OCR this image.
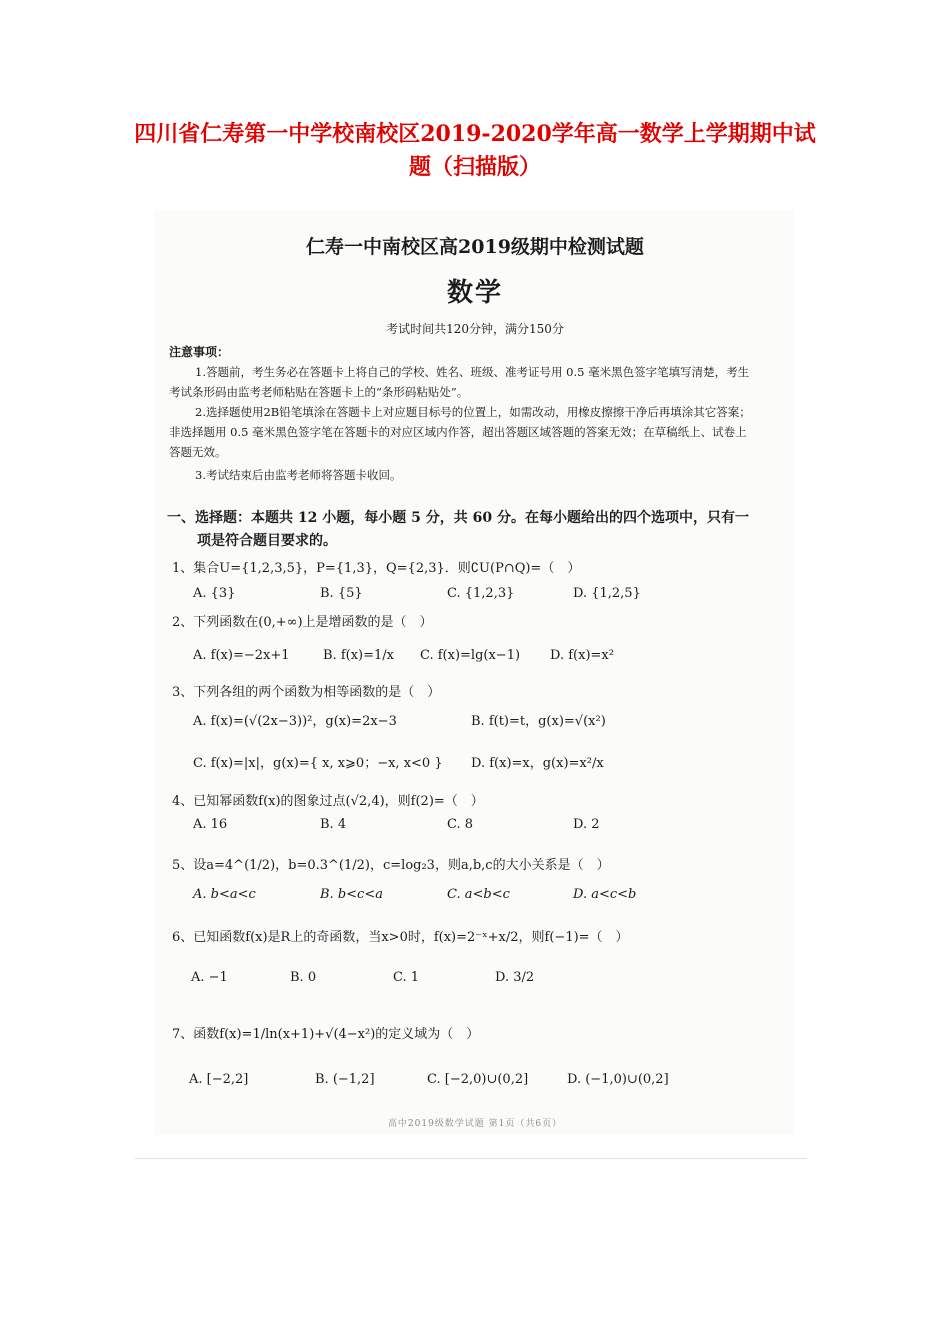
四川省仁寿第一中学校南校区2019-2020学年高一数学上学期期中试题（扫描版）
仁寿一中南校区高2019级期中检测试题
数学
考试时间共120分钟，满分150分
注意事项：
1.答题前，考生务必在答题卡上将自己的学校、姓名、班级、准考证号用 0.5 毫米黑色签字笔填写清楚，考生考试条形码由监考老师粘贴在答题卡上的“条形码粘贴处”。
2.选择题使用2B铅笔填涂在答题卡上对应题目标号的位置上，如需改动，用橡皮擦擦干净后再填涂其它答案；非选择题用 0.5 毫米黑色签字笔在答题卡的对应区域内作答，超出答题区域答题的答案无效；在草稿纸上、试卷上答题无效。
3.考试结束后由监考老师将答题卡收回。
一、选择题：本题共 12 小题，每小题 5 分，共 60 分。在每小题给出的四个选项中，只有一
项是符合题目要求的。
1、集合U={1,2,3,5}，P={1,3}，Q={2,3}．则∁U(P∩Q)=（　）
A. {3}	B. {5}	C. {1,2,3}	D. {1,2,5}
2、下列函数在(0,+∞)上是增函数的是（　）
A. f(x)=−2x+1	B. f(x)=1/x C. f(x)=lg(x−1) D. f(x)=x²
3、下列各组的两个函数为相等函数的是（　）
A. f(x)=(√(2x−3))²，g(x)=2x−3	B. f(t)=t，g(x)=√(x²)
C. f(x)=|x|，g(x)={ x, x⩾0；−x, x<0 } D. f(x)=x，g(x)=x²/x
4、已知幂函数f(x)的图象过点(√2,4)，则f(2)=（　）
A. 16	B. 4	C. 8	D. 2
5、设a=4^(1/2)，b=0.3^(1/2)，c=log₂3，则a,b,c的大小关系是（　）
A. b<a<c	B. b<c<a	C. a<b<c	D. a<c<b
6、已知函数f(x)是R上的奇函数，当x>0时，f(x)=2⁻ˣ+x/2，则f(−1)=（　）
A. −1	B. 0	C. 1	D. 3/2
7、函数f(x)=1/ln(x+1)+√(4−x²)的定义域为（　）
A. [−2,2]	B. (−1,2]	C. [−2,0)∪(0,2]	D. (−1,0)∪(0,2]
高中2019级数学试题 第1页（共6页）
